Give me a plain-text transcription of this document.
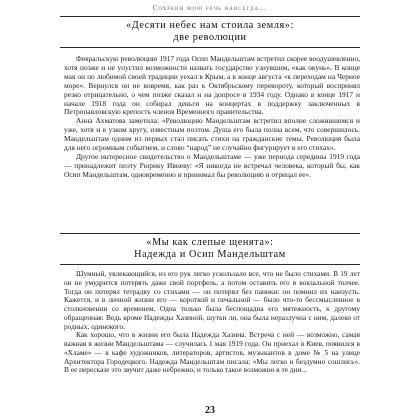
Сохрани мою речь навсегда...
«Десяти небес нам стоила земля»:
две революции

Февральскую революцию 1917 года Осип Мандельштам встретил скорее воодушевленно, хотя позже и не упустил возможности назвать государство узнувшим, «как окунь». В конце мая он по любимой своей традиции уехал в Крым, а в конце августа «к переходам на Черное море». Вернулся он не вовремя, как раз к Октябрьскому перевороту, который воспринял резко отрицательно, о чем позже сказал и на допросе в 1934 году. Однако в конце 1917 и начале 1918 года он собирал деньги на концертах в поддержку заключенных в Петропавловскую крепость членов Временного правительства.

Анна Ахматова заметила: «Революцию Мандельштам встретил вполне сложившимся и уже, хотя и в узком кругу, известным поэтом. Душа его была полна всем, что совершилось. Мандельштам одним из первых стал писать стихи на гражданские темы. Революция была для него огромным событием, и слово “народ” не случайно фигурирует в его стихах».

Другое интересное свидетельство о Мандельштаме — уже периода середины 1919 года — принадлежит поэту Рюрику Ивневу: «Я никогда не встречал человека, который бы, как Осип Мандельштам, одновременно и принимал бы революцию и отрицал ее».

«Мы как слепые щенята»:
Надежда и Осип Мандельштам

Шумный, увлекающийся, из его рук легко ускользало все, что не было стихами. В 19 лет он не умудрится потерять даже свой портфель, а потом оставить его в вокзальной толчее. Тогда он потерял тетрадку со стихами — он потерял без паники: он помнил их наизусть. Кажется, и в личной жизни его — короткой и печальной — было что-то бессмысленное в столкновении со временем. Одна только была беспощадна его мятежность, к другому обращенная: Ведь кроме Надежды Хазиной, шутки ли, она была неразлучна с ним, далеко от родных, одинокого.

Как хорошо, что в жизни его была Надежда Хазина. Встреча с ней — возможно, самая важная в жизни Мандельштама — случилась 1 мая 1919 года. Он приехал в Киев, появился в «Хламе» — в кафе художников, литераторов, артистов, музыкантов в доме № 5 на улице Архитектора Городецкого. Надежда Мандельштам писала: «Мы легко и бездумно сошлись». В ее пересказе это звучит даже небрежно, и только такое возможно в те дни...

23
